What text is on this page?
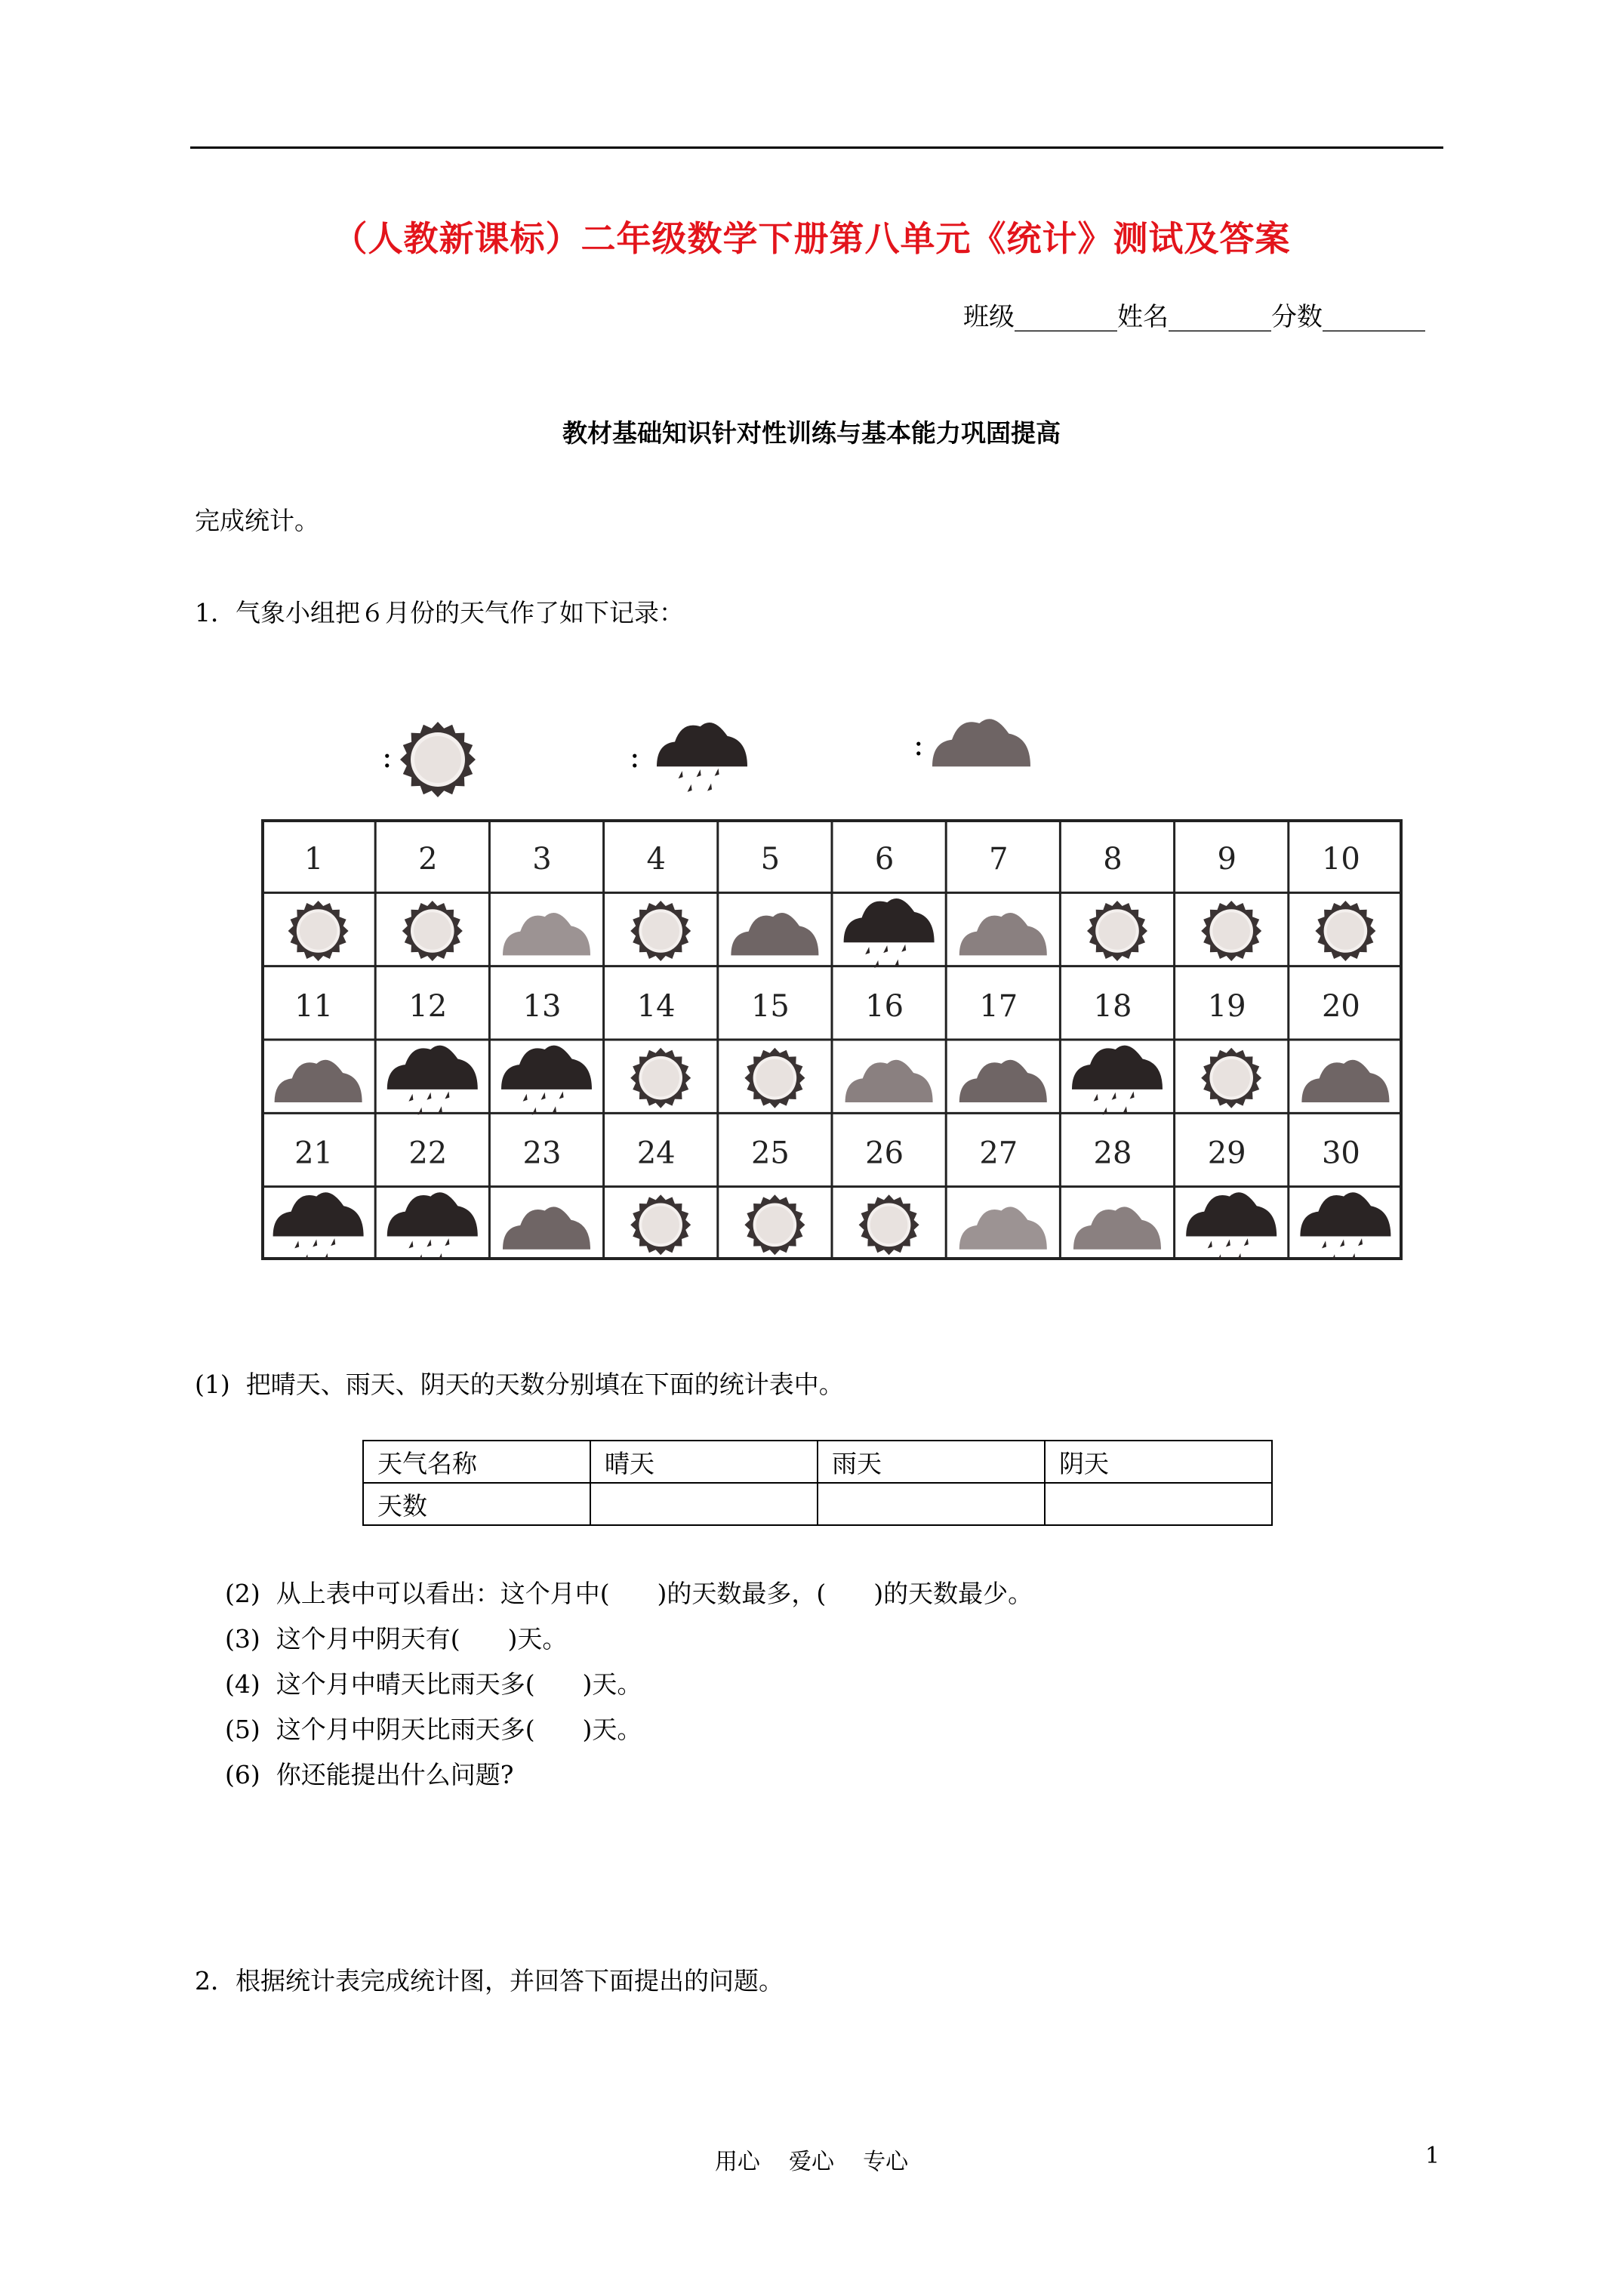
（人教新课标）二年级数学下册第八单元《统计》测试及答案
班级________姓名________分数________
教材基础知识针对性训练与基本能力巩固提高
完成统计。
1．气象小组把６月份的天气作了如下记录：
:	:	:
1	2	3	4	5	6	7	8	9	10
11	12	13	14	15	16	17	18	19	20
21	22	23	24	25	26	27	28	29	30
(1)  把晴天、雨天、阴天的天数分别填在下面的统计表中。
天气名称	晴天	雨天	阴天
天数			
(2)  从上表中可以看出：这个月中(      )的天数最多，(      )的天数最少。
(3)  这个月中阴天有(      )天。
(4)  这个月中晴天比雨天多(      )天。
(5)  这个月中阴天比雨天多(      )天。
(6)  你还能提出什么问题?
2．根据统计表完成统计图，并回答下面提出的问题。
用心    爱心    专心	1
